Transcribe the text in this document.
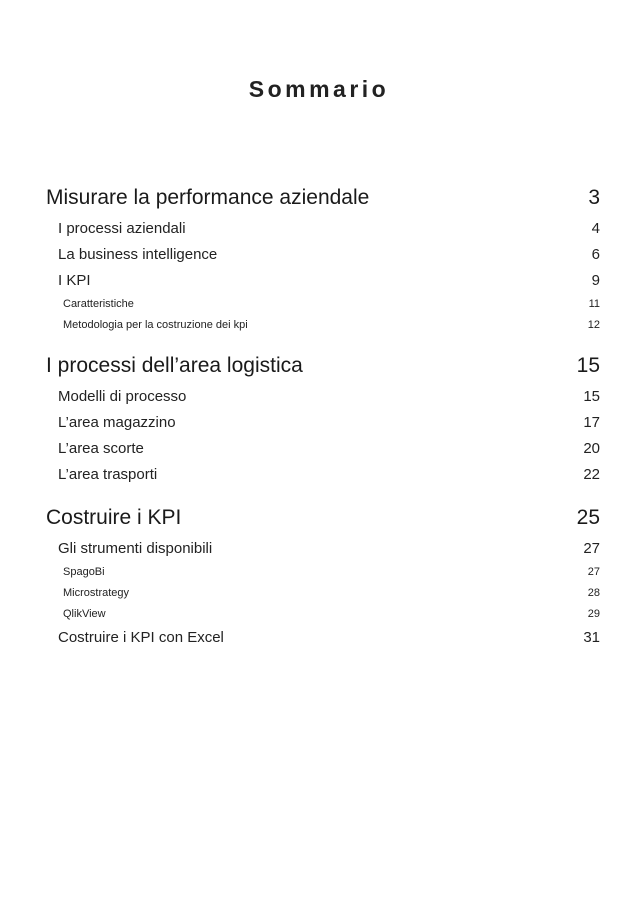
Sommario
Misurare la performance aziendale	3
I processi aziendali	4
La business intelligence	6
I KPI	9
Caratteristiche	11
Metodologia per la costruzione dei kpi	12
I processi dell’area logistica	15
Modelli di processo	15
L’area magazzino	17
L’area scorte	20
L’area trasporti	22
Costruire i KPI	25
Gli strumenti disponibili	27
SpagoBi	27
Microstrategy	28
QlikView	29
Costruire i KPI con Excel	31
